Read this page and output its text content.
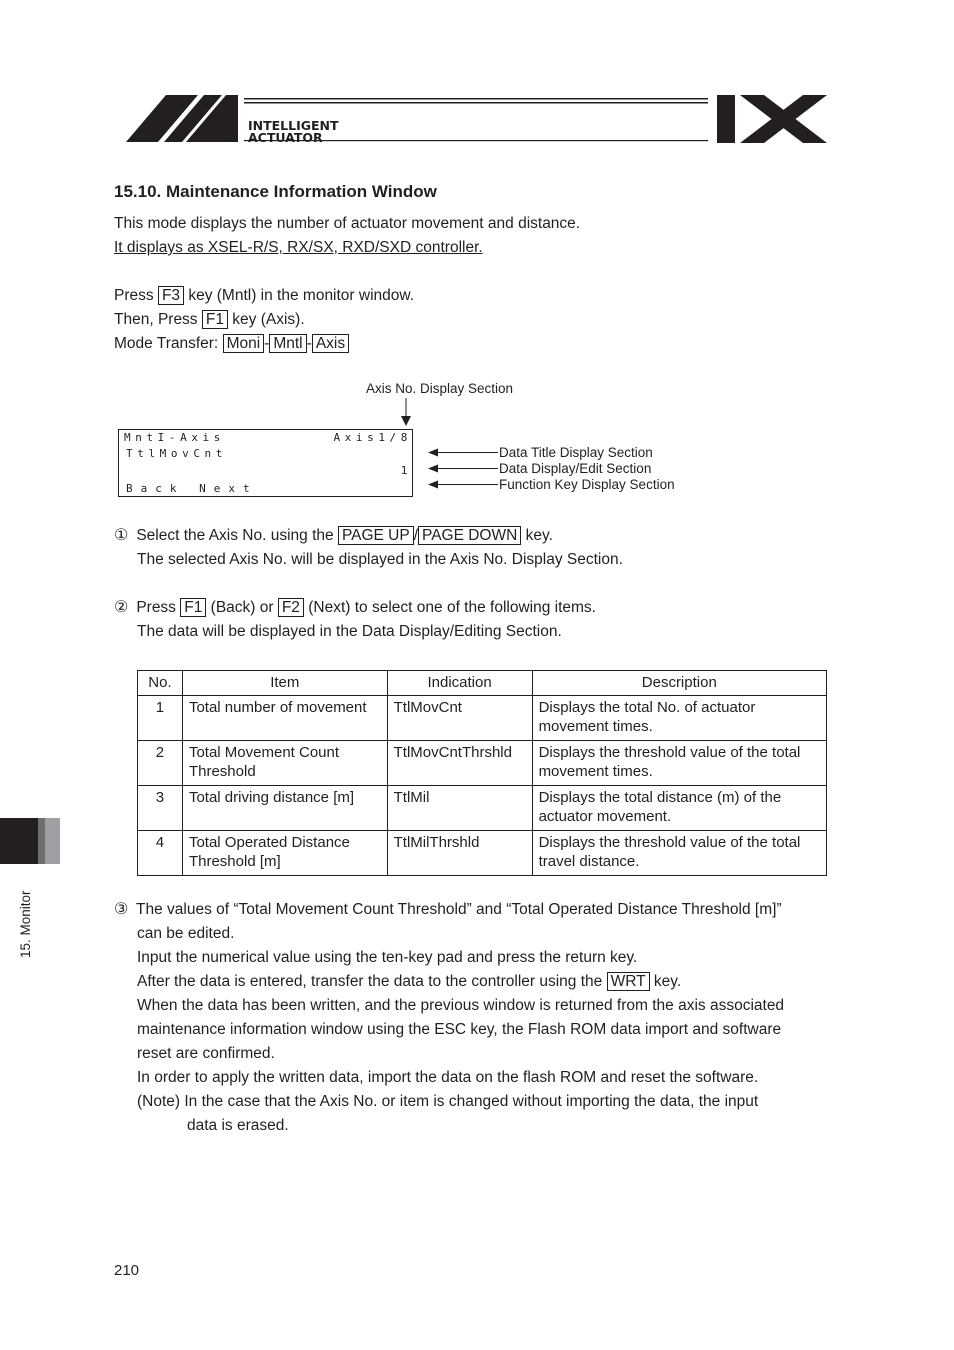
INTELLIGENT
ACTUATOR
15.10. Maintenance Information Window
This mode displays the number of actuator movement and distance.
It displays as XSEL-R/S, RX/SX, RXD/SXD controller.
Press F3 key (Mntl) in the monitor window.
Then, Press F1 key (Axis).
Mode Transfer: Moni - Mntl - Axis
Axis No. Display Section
MntI-Axis	Axis1/8
TtlMovCnt
1
Back Next
Data Title Display Section
Data Display/Edit Section
Function Key Display Section
① Select the Axis No. using the PAGE UP / PAGE DOWN key.
The selected Axis No. will be displayed in the Axis No. Display Section.
② Press F1 (Back) or F2 (Next) to select one of the following items.
The data will be displayed in the Data Display/Editing Section.
No.	Item	Indication	Description
1	Total number of movement	TtlMovCnt	Displays the total No. of actuator movement times.
2	Total Movement Count Threshold	TtlMovCntThrshld	Displays the threshold value of the total movement times.
3	Total driving distance [m]	TtlMil	Displays the total distance (m) of the actuator movement.
4	Total Operated Distance Threshold [m]	TtlMilThrshld	Displays the threshold value of the total travel distance.
③ The values of “Total Movement Count Threshold” and “Total Operated Distance Threshold [m]”
can be edited.
Input the numerical value using the ten-key pad and press the return key.
After the data is entered, transfer the data to the controller using the WRT key.
When the data has been written, and the previous window is returned from the axis associated
maintenance information window using the ESC key, the Flash ROM data import and software
reset are confirmed.
In order to apply the written data, import the data on the flash ROM and reset the software.
(Note) In the case that the Axis No. or item is changed without importing the data, the input
data is erased.
15. Monitor
210
